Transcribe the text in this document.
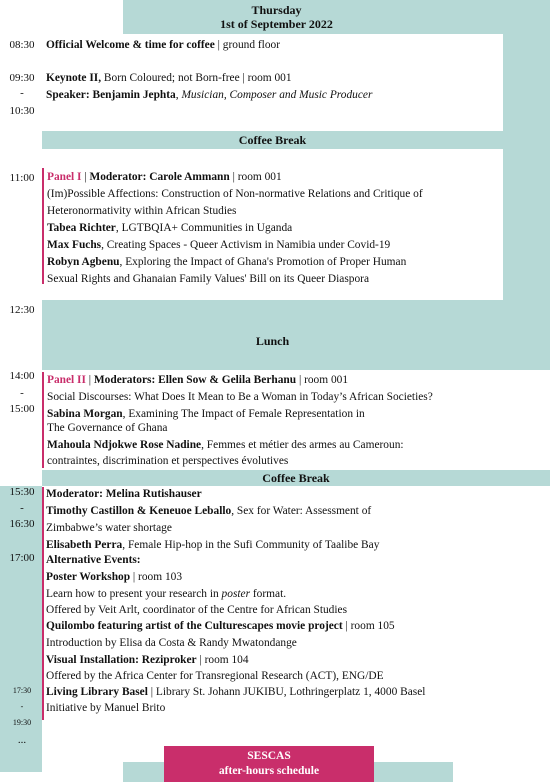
Thursday
1st of September 2022
08:30
09:30
-
10:30
11:00
12:30
14:00
-
15:00
15:30
-
16:30
17:00
17:30
-
19:30
...
Official Welcome & time for coffee | ground floor
Keynote II, Born Coloured; not Born-free | room 001
Speaker: Benjamin Jephta, Musician, Composer and Music Producer
Coffee Break
Panel I | Moderator: Carole Ammann | room 001
(Im)Possible Affections: Construction of Non-normative Relations and Critique of
Heteronormativity within African Studies
Tabea Richter, LGTBQIA+ Communities in Uganda
Max Fuchs, Creating Spaces - Queer Activism in Namibia under Covid-19
Robyn Agbenu, Exploring the Impact of Ghana's Promotion of Proper Human
Sexual Rights and Ghanaian Family Values' Bill on its Queer Diaspora
Lunch
Panel II | Moderators: Ellen Sow & Gelila Berhanu | room 001
Social Discourses: What Does It Mean to Be a Woman in Today’s African Societies?
Sabina Morgan, Examining The Impact of Female Representation in
The Governance of Ghana
Mahoula Ndjokwe Rose Nadine, Femmes et métier des armes au Cameroun:
contraintes, discrimination et perspectives évolutives
Coffee Break
Moderator: Melina Rutishauser
Timothy Castillon & Keneuoe Leballo, Sex for Water: Assessment of
Zimbabwe’s water shortage
Elisabeth Perra, Female Hip-hop in the Sufi Community of Taalibe Bay
Alternative Events:
Poster Workshop | room 103
Learn how to present your research in poster format.
Offered by Veit Arlt, coordinator of the Centre for African Studies
Quilombo featuring artist of the Culturescapes movie project | room 105
Introduction by Elisa da Costa & Randy Mwatondange
Visual Installation: Reziproker | room 104
Offered by the Africa Center for Transregional Research (ACT), ENG/DE
Living Library Basel | Library St. Johann JUKIBU, Lothringerplatz 1, 4000 Basel
Initiative by Manuel Brito
SESCAS
after-hours schedule
